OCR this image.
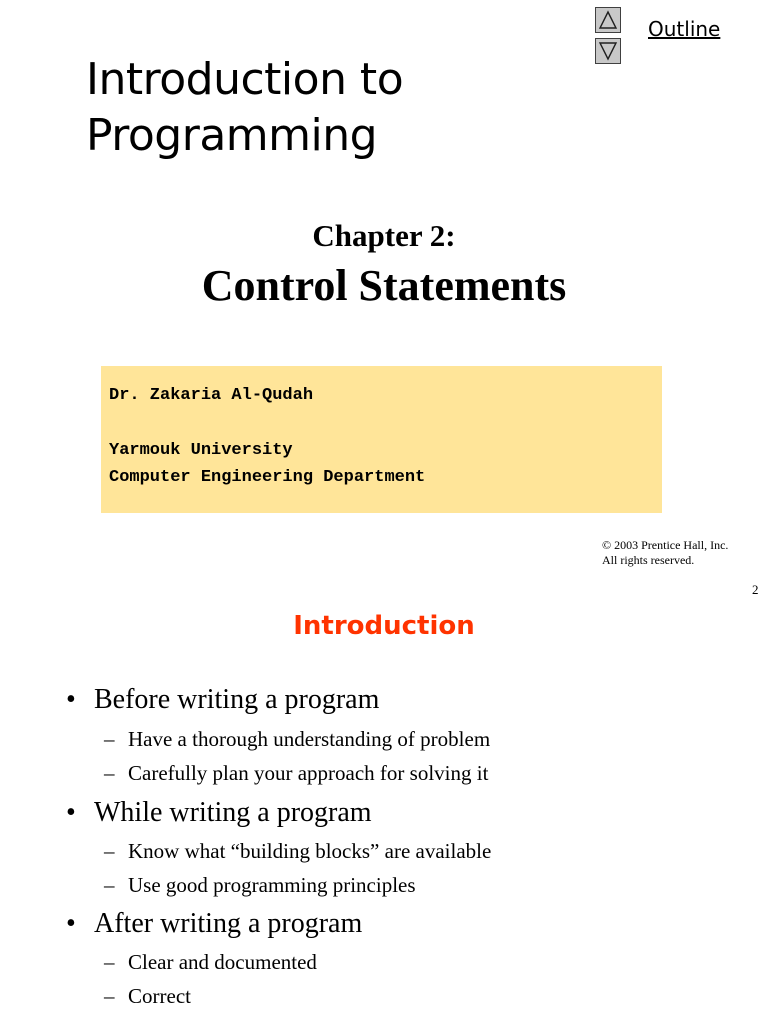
Outline
Introduction to
Programming
Chapter 2:
Control Statements
Dr. Zakaria Al-Qudah
Yarmouk University
Computer Engineering Department
© 2003 Prentice Hall, Inc.
All rights reserved.
2
Introduction
• Before writing a program
– Have a thorough understanding of problem
– Carefully plan your approach for solving it
• While writing a program
– Know what “building blocks” are available
– Use good programming principles
• After writing a program
– Clear and documented
– Correct
